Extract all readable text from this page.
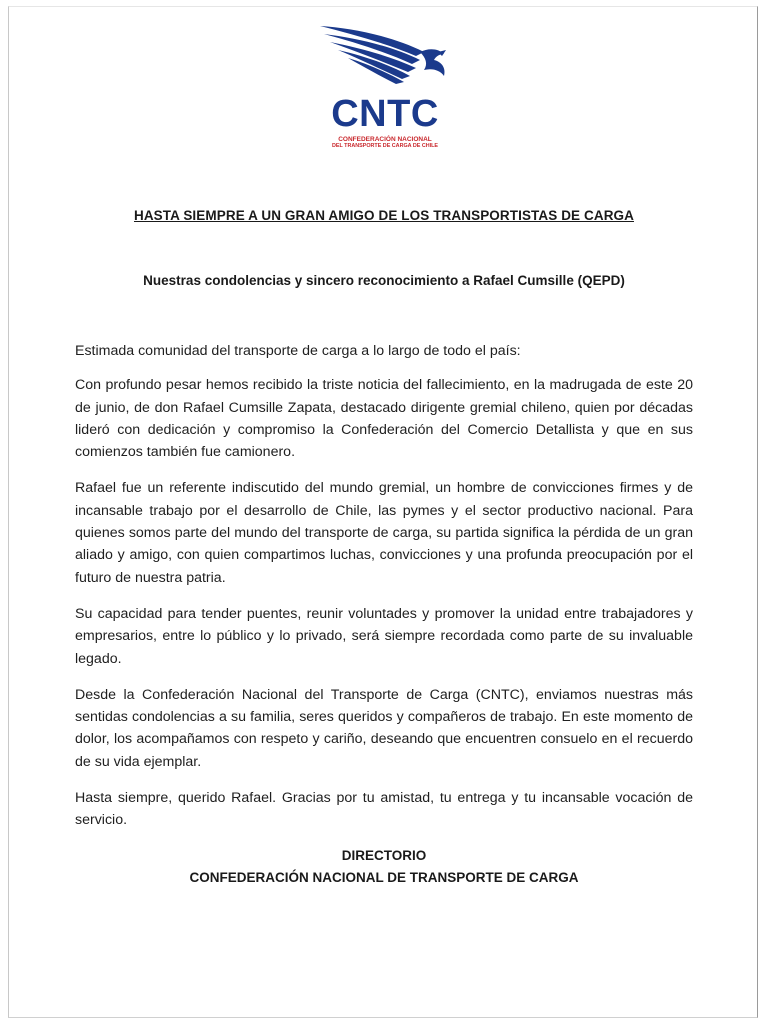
CNTC
CONFEDERACIÓN NACIONAL
DEL TRANSPORTE DE CARGA DE CHILE
HASTA SIEMPRE A UN GRAN AMIGO DE LOS TRANSPORTISTAS DE CARGA
Nuestras condolencias y sincero reconocimiento a Rafael Cumsille (QEPD)

Estimada comunidad del transporte de carga a lo largo de todo el país:

Con profundo pesar hemos recibido la triste noticia del fallecimiento, en la madrugada de este 20 de junio, de don Rafael Cumsille Zapata, destacado dirigente gremial chileno, quien por décadas lideró con dedicación y compromiso la Confederación del Comercio Detallista y que en sus comienzos también fue camionero.

Rafael fue un referente indiscutido del mundo gremial, un hombre de convicciones firmes y de incansable trabajo por el desarrollo de Chile, las pymes y el sector productivo nacional. Para quienes somos parte del mundo del transporte de carga, su partida significa la pérdida de un gran aliado y amigo, con quien compartimos luchas, convicciones y una profunda preocupación por el futuro de nuestra patria.

Su capacidad para tender puentes, reunir voluntades y promover la unidad entre trabajadores y empresarios, entre lo público y lo privado, será siempre recordada como parte de su invaluable legado.

Desde la Confederación Nacional del Transporte de Carga (CNTC), enviamos nuestras más sentidas condolencias a su familia, seres queridos y compañeros de trabajo. En este momento de dolor, los acompañamos con respeto y cariño, deseando que encuentren consuelo en el recuerdo de su vida ejemplar.

Hasta siempre, querido Rafael. Gracias por tu amistad, tu entrega y tu incansable vocación de servicio.

DIRECTORIO
CONFEDERACIÓN NACIONAL DE TRANSPORTE DE CARGA
